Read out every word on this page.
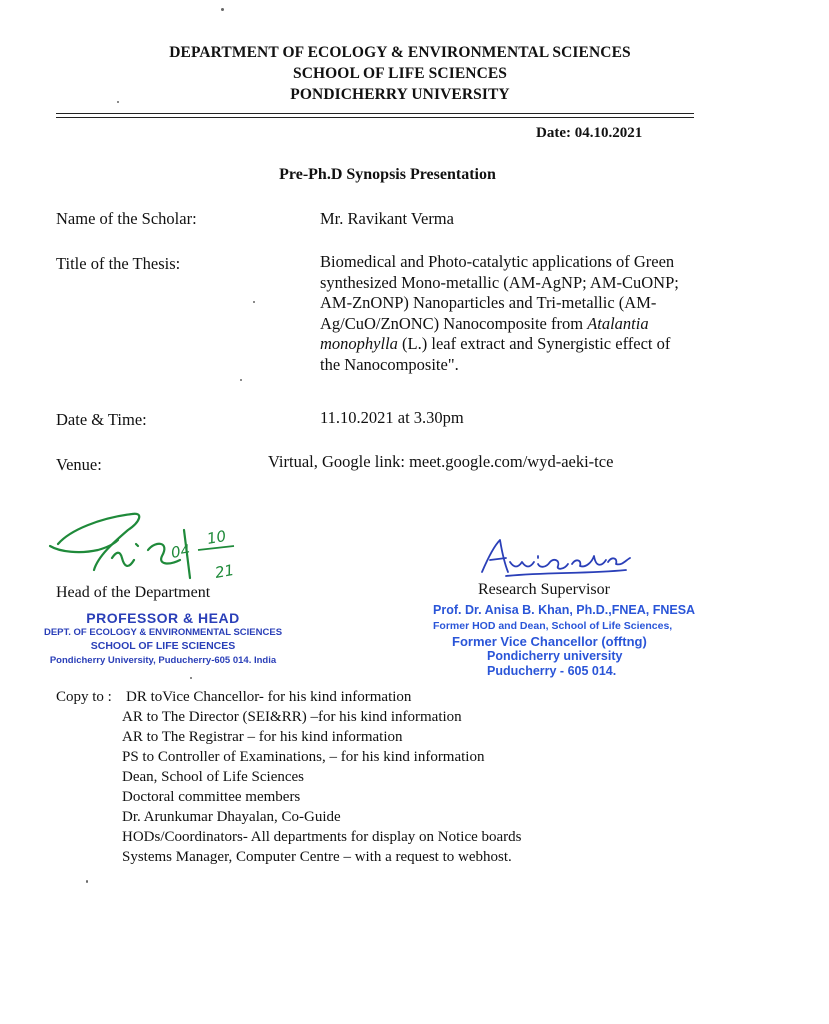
DEPARTMENT OF ECOLOGY & ENVIRONMENTAL SCIENCES
SCHOOL OF LIFE SCIENCES
PONDICHERRY UNIVERSITY
Date: 04.10.2021
Pre-Ph.D Synopsis Presentation
Name of the Scholar:	Mr. Ravikant Verma
Title of the Thesis:	Biomedical and Photo-catalytic applications of Green
synthesized Mono-metallic (AM-AgNP; AM-CuONP;
AM-ZnONP) Nanoparticles and Tri-metallic (AM-
Ag/CuO/ZnONC) Nanocomposite from Atalantia
monophylla (L.) leaf extract and Synergistic effect of
the Nanocomposite".
Date & Time:	11.10.2021 at 3.30pm
Venue:	Virtual, Google link: meet.google.com/wyd-aeki-tce
04
10
21
Head of the Department
PROFESSOR & HEAD
DEPT. OF ECOLOGY & ENVIRONMENTAL SCIENCES
SCHOOL OF LIFE SCIENCES
Pondicherry University, Puducherry-605 014. India
Research Supervisor
Prof. Dr. Anisa B. Khan, Ph.D.,FNEA, FNESA
Former HOD and Dean, School of Life Sciences,
Former Vice Chancellor (offtng)
Pondicherry university
Puducherry - 605 014.
Copy to : DR toVice Chancellor- for his kind information
AR to The Director (SEI&RR) –for his kind information
AR to The Registrar – for his kind information
PS to Controller of Examinations, – for his kind information
Dean, School of Life Sciences
Doctoral committee members
Dr. Arunkumar Dhayalan, Co-Guide
HODs/Coordinators- All departments for display on Notice boards
Systems Manager, Computer Centre – with a request to webhost.
